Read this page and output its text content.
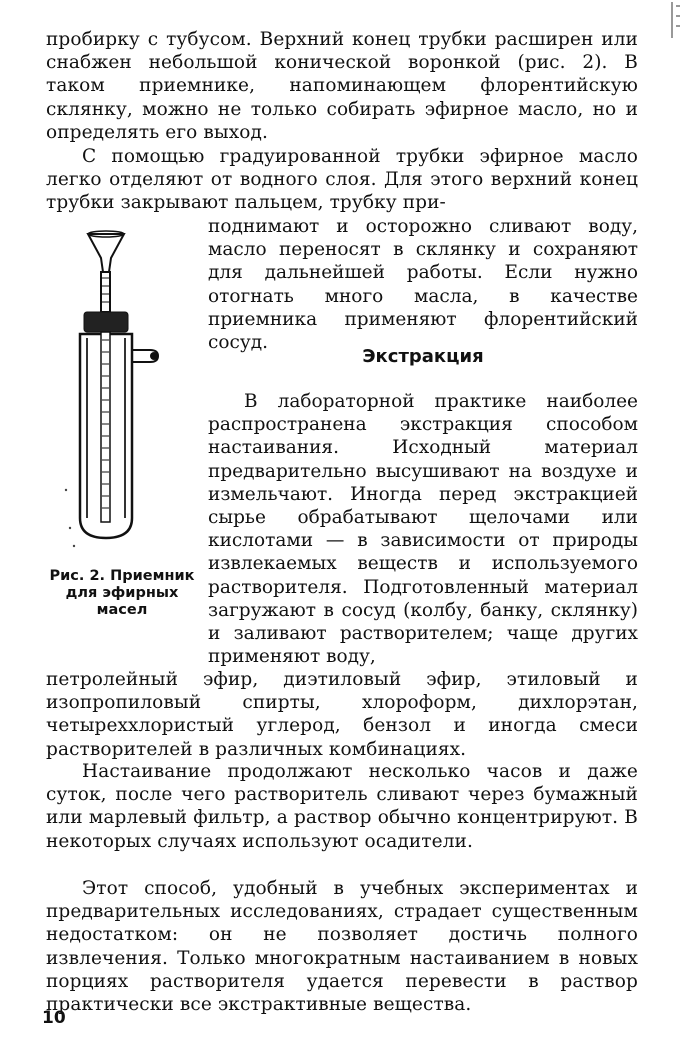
пробирку с тубусом. Верхний конец трубки расширен или снабжен небольшой конической воронкой (рис. 2). В таком приемнике, напоминающем флорентийскую склянку, можно не только собирать эфирное масло, но и определять его выход.

С помощью градуированной трубки эфирное масло легко отделяют от водного слоя. Для этого верхний конец трубки закрывают пальцем, трубку при-

поднимают и осторожно сливают воду, масло переносят в склянку и сохраняют для дальнейшей работы. Если нужно отогнать много масла, в качестве приемника применяют флорентийский сосуд.

Экстракция

В лабораторной практике наиболее распространена экстракция способом настаивания. Исходный материал предварительно высушивают на воздухе и измельчают. Иногда перед экстракцией сырье обрабатывают щелочами или кислотами — в зависимости от природы извлекаемых веществ и используемого растворителя. Подготовленный материал загружают в сосуд (колбу, банку, склянку) и заливают растворителем; чаще других применяют воду,

петролейный эфир, диэтиловый эфир, этиловый и изопропиловый спирты, хлороформ, дихлорэтан, четыреххлористый углерод, бензол и иногда смеси растворителей в различных комбинациях.

Настаивание продолжают несколько часов и даже суток, после чего растворитель сливают через бумажный или марлевый фильтр, а раствор обычно концентрируют. В некоторых случаях используют осадители.

Этот способ, удобный в учебных экспериментах и предварительных исследованиях, страдает существенным недостатком: он не позволяет достичь полного извлечения. Только многократным настаиванием в новых порциях растворителя удается перевести в раствор практически все экстрактивные вещества.

Рис. 2. Приемник для эфирных масел

10
